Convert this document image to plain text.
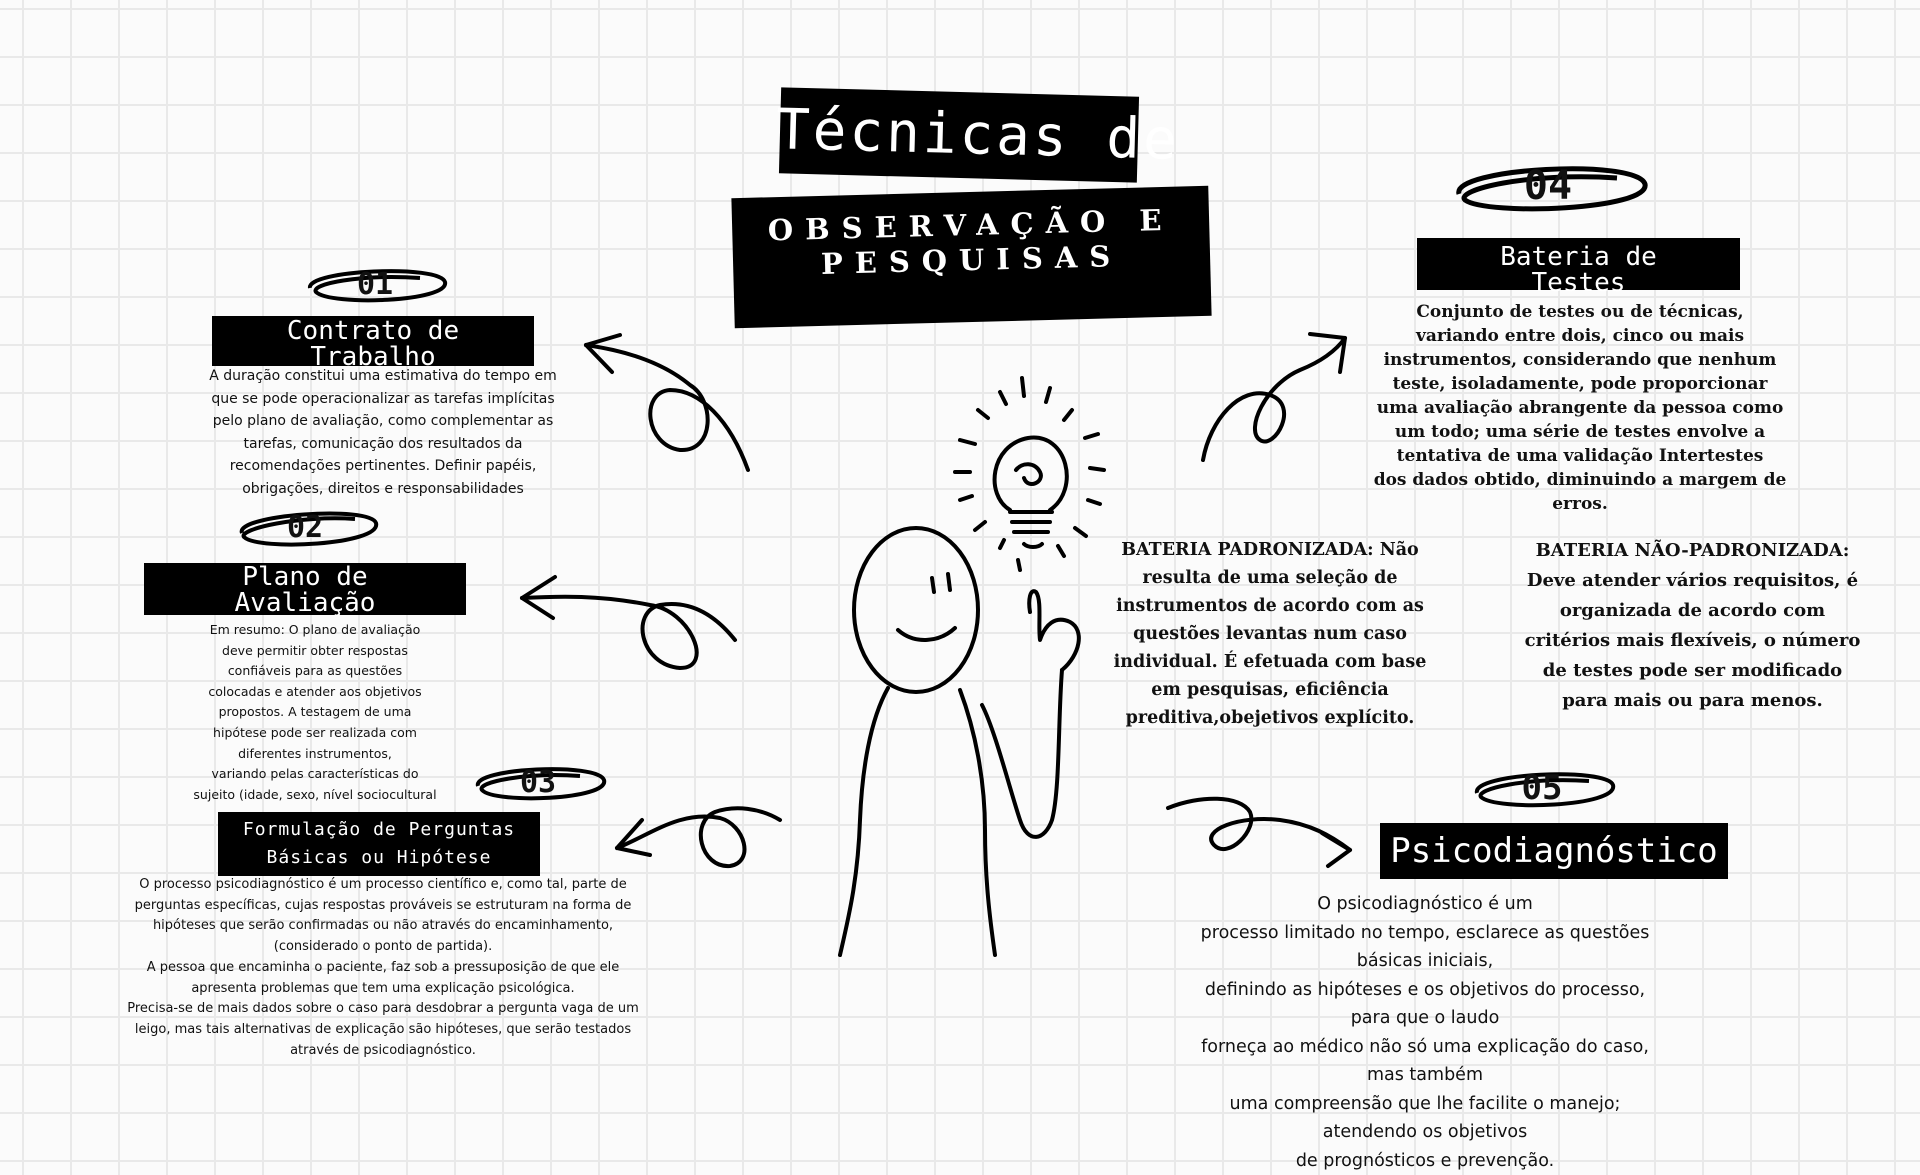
Técnicas de
OBSERVAÇÃO E PESQUISAS
01
Contrato de
Trabalho
A duração constitui uma estimativa do tempo em que se pode operacionalizar as tarefas implícitas pelo plano de avaliação, como complementar as tarefas, comunicação dos resultados da recomendações pertinentes. Definir papéis, obrigações, direitos e responsabilidades
02
Plano de
Avaliação
Em resumo: O plano de avaliação
deve permitir obter respostas
confiáveis para as questões
colocadas e atender aos objetivos
propostos. A testagem de uma
hipótese pode ser realizada com
diferentes instrumentos,
variando pelas características do
sujeito (idade, sexo, nível sociocultural	03
Formulação de Perguntas
Básicas ou Hipótese
O processo psicodiagnóstico é um processo científico e, como tal, parte de perguntas específicas, cujas respostas prováveis se estruturam na forma de hipóteses que serão confirmadas ou não através do encaminhamento, (considerado o ponto de partida).
A pessoa que encaminha o paciente, faz sob a pressuposição de que ele apresenta problemas que tem uma explicação psicológica.
Precisa-se de mais dados sobre o caso para desdobrar a pergunta vaga de um leigo, mas tais alternativas de explicação são hipóteses, que serão testados através de psicodiagnóstico.
04
Bateria de
Testes
Conjunto de testes ou de técnicas,
variando entre dois, cinco ou mais
instrumentos, considerando que nenhum
teste, isoladamente, pode proporcionar
uma avaliação abrangente da pessoa como
um todo; uma série de testes envolve a
tentativa de uma validação Intertestes
dos dados obtido, diminuindo a margem de
erros.
BATERIA PADRONIZADA: Não
resulta de uma seleção de
instrumentos de acordo com as
questões levantas num caso
individual. É efetuada com base
em pesquisas, eficiência
preditiva,obejetivos explícito.
BATERIA NÃO-PADRONIZADA:
Deve atender vários requisitos, é
organizada de acordo com
critérios mais flexíveis, o número
de testes pode ser modificado
para mais ou para menos.
05
Psicodiagnóstico
O psicodiagnóstico é um
processo limitado no tempo, esclarece as questões básicas iniciais,
definindo as hipóteses e os objetivos do processo, para que o laudo
forneça ao médico não só uma explicação do caso, mas também
uma compreensão que lhe facilite o manejo; atendendo os objetivos
de prognósticos e prevenção.
